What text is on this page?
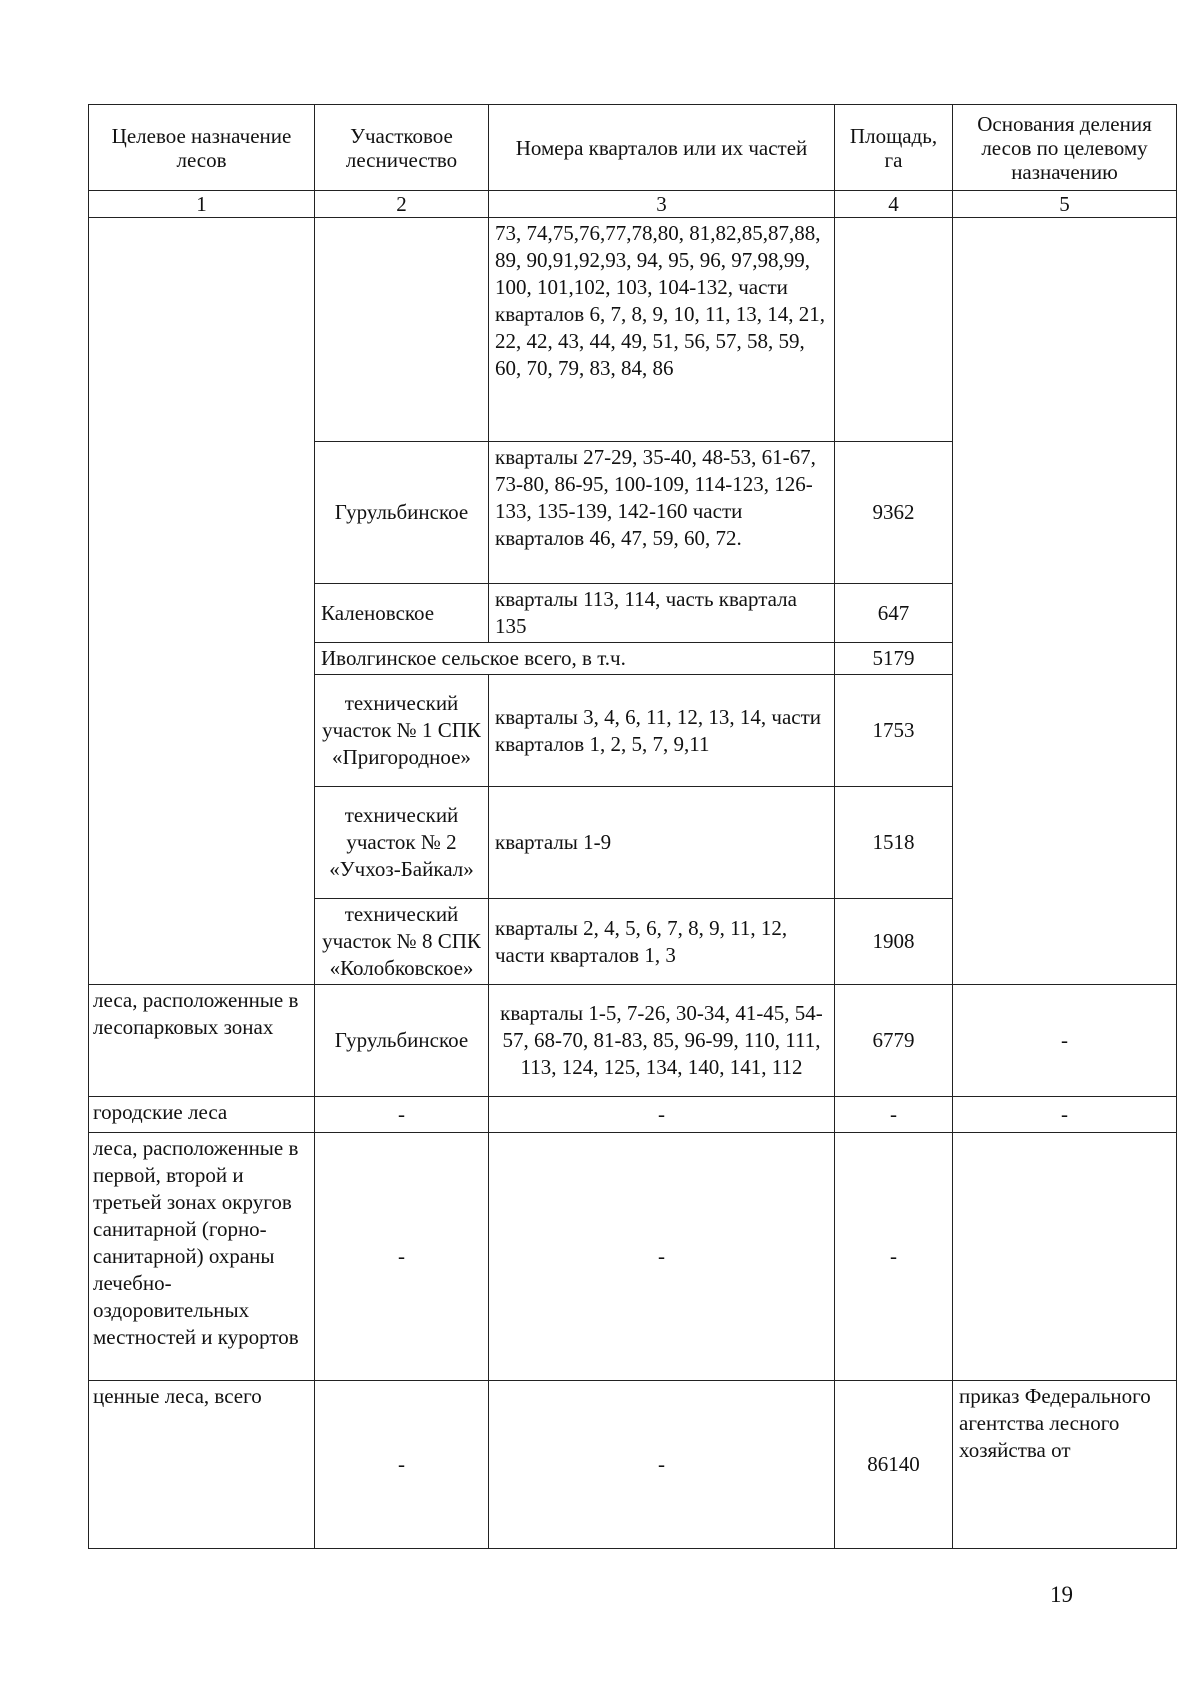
Целевое назначение лесов	Участковое лесничество	Номера кварталов или их частей	Площадь, га	Основания деления лесов по целевому назначению
1	2	3	4	5
		73, 74,75,76,77,78,80, 81,82,85,87,88, 89, 90,91,92,93, 94, 95, 96, 97,98,99, 100, 101,102, 103, 104-132, части кварталов 6, 7, 8, 9, 10, 11, 13, 14, 21, 22, 42, 43, 44, 49, 51, 56, 57, 58, 59, 60, 70, 79, 83, 84, 86		
	Гурульбинское	кварталы 27-29, 35-40, 48-53, 61-67, 73-80, 86-95, 100-109, 114-123, 126-133, 135-139, 142-160 части кварталов 46, 47, 59, 60, 72.	9362	
	Каленовское	кварталы 113, 114, часть квартала 135	647	
	Иволгинское сельское всего, в т.ч.		5179	
	технический участок № 1 СПК «Пригородное»	кварталы 3, 4, 6, 11, 12, 13, 14, части кварталов 1, 2, 5, 7, 9,11	1753	
	технический участок № 2 «Учхоз-Байкал»	кварталы 1-9	1518	
	технический участок № 8 СПК «Колобковское»	кварталы 2, 4, 5, 6, 7, 8, 9, 11, 12, части кварталов 1, 3	1908	
леса, расположенные в лесопарковых зонах	Гурульбинское	кварталы 1-5, 7-26, 30-34, 41-45, 54-57, 68-70, 81-83, 85, 96-99, 110, 111, 113, 124, 125, 134, 140, 141, 112	6779	-
городские леса	-	-	-	-
леса, расположенные в первой, второй и третьей зонах округов санитарной (горно-санитарной) охраны лечебно-оздоровительных местностей и курортов	-	-	-	
ценные леса, всего	-	-	86140	приказ Федерального агентства лесного хозяйства от
19
